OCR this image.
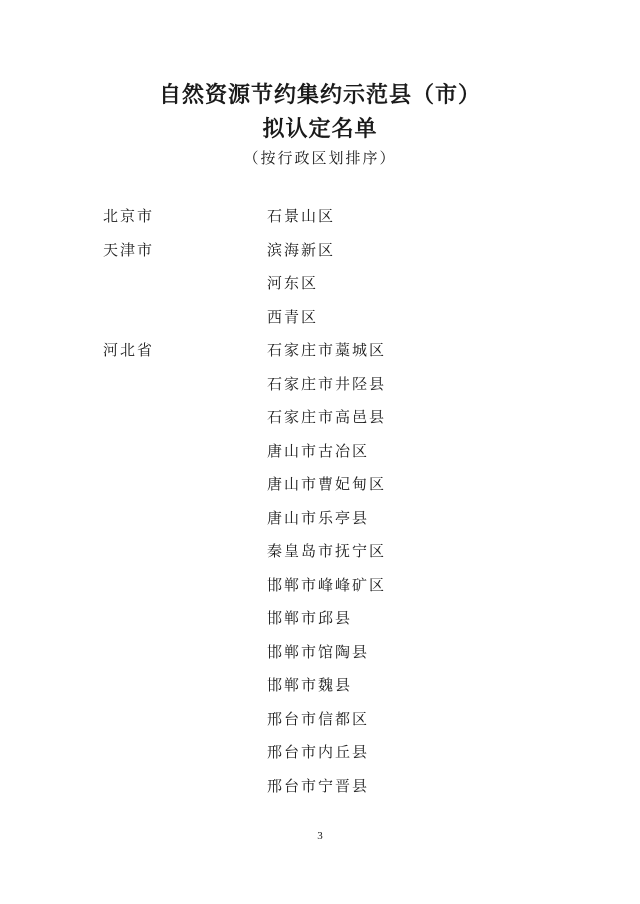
自然资源节约集约示范县（市）
拟认定名单
（按行政区划排序）
北京市	石景山区
天津市	滨海新区
河东区
西青区
河北省	石家庄市藁城区
石家庄市井陉县
石家庄市高邑县
唐山市古冶区
唐山市曹妃甸区
唐山市乐亭县
秦皇岛市抚宁区
邯郸市峰峰矿区
邯郸市邱县
邯郸市馆陶县
邯郸市魏县
邢台市信都区
邢台市内丘县
邢台市宁晋县
3
